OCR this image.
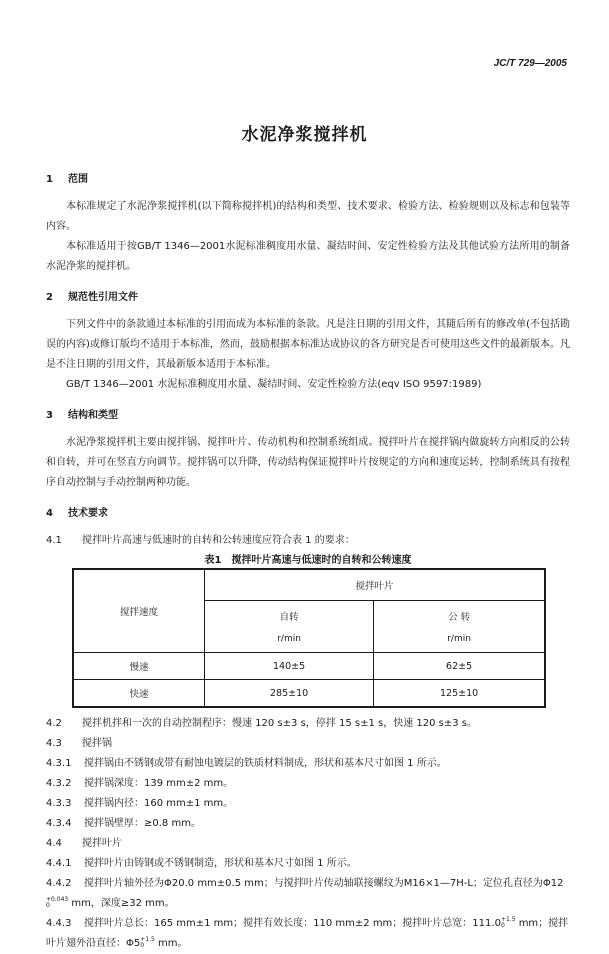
JC/T 729—2005
水泥净浆搅拌机
1 范围

本标准规定了水泥净浆搅拌机(以下简称搅拌机)的结构和类型、技术要求、检验方法、检验规则以及标志和包装等内容。

本标准适用于按GB/T 1346—2001水泥标准稠度用水量、凝结时间、安定性检验方法及其他试验方法所用的制备水泥净浆的搅拌机。

2 规范性引用文件

下列文件中的条款通过本标准的引用而成为本标准的条款。凡是注日期的引用文件，其随后所有的修改单(不包括勘误的内容)或修订版均不适用于本标准，然而，鼓励根据本标准达成协议的各方研究是否可使用这些文件的最新版本。凡是不注日期的引用文件，其最新版本适用于本标准。

GB/T 1346—2001 水泥标准稠度用水量、凝结时间、安定性检验方法(eqv ISO 9597:1989)

3 结构和类型

水泥净浆搅拌机主要由搅拌锅、搅拌叶片、传动机构和控制系统组成。搅拌叶片在搅拌锅内做旋转方向相反的公转和自转，并可在竖直方向调节。搅拌锅可以升降，传动结构保证搅拌叶片按规定的方向和速度运转，控制系统具有按程序自动控制与手动控制两种功能。

4 技术要求

4.1 搅拌叶片高速与低速时的自转和公转速度应符合表 1 的要求：

表1　搅拌叶片高速与低速时的自转和公转速度
搅拌速度	搅拌叶片	
	自转	公 转

	r/min	r/min

慢速	140±5	62±5
快速	285±10	125±10

4.2 搅拌机拌和一次的自动控制程序：慢速 120 s±3 s，停拌 15 s±1 s，快速 120 s±3 s。

4.3 搅拌锅

4.3.1 搅拌锅由不锈钢或带有耐蚀电镀层的铁质材料制成，形状和基本尺寸如图 1 所示。

4.3.2 搅拌锅深度：139 mm±2 mm。

4.3.3 搅拌锅内径：160 mm±1 mm。

4.3.4 搅拌锅壁厚：≥0.8 mm。

4.4 搅拌叶片

4.4.1 搅拌叶片由铸钢或不锈钢制造，形状和基本尺寸如图 1 所示。

4.4.2 搅拌叶片轴外径为Φ20.0 mm±0.5 mm；与搅拌叶片传动轴联接螺纹为M16×1—7H-L；定位孔直径为Φ12
+0.043
0	mm，深度≥32 mm。

4.4.3 搅拌叶片总长：165 mm±1 mm；搅拌有效长度：110 mm±2 mm；搅拌叶片总宽：111.0 +1.5
0	mm；搅拌叶片翅外沿直径：Φ5 +1.5
0	mm。
